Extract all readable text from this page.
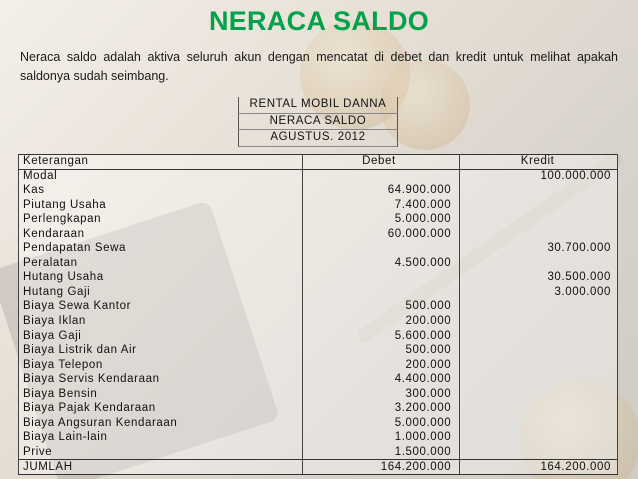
NERACA SALDO

Neraca saldo adalah aktiva seluruh akun dengan mencatat di debet dan kredit untuk melihat apakah saldonya sudah seimbang.

RENTAL MOBIL DANNA
NERACA SALDO
AGUSTUS. 2012
Keterangan	Debet	Kredit
Modal		100.000.000
Kas	64.900.000	
Piutang Usaha	7.400.000	
Perlengkapan	5.000.000	
Kendaraan	60.000.000	
Pendapatan Sewa		30.700.000
Peralatan	4.500.000	
Hutang Usaha		30.500.000
Hutang Gaji		3.000.000
Biaya Sewa Kantor	500.000	
Biaya Iklan	200.000	
Biaya Gaji	5.600.000	
Biaya Listrik dan Air	500.000	
Biaya Telepon	200.000	
Biaya Servis Kendaraan	4.400.000	
Biaya Bensin	300.000	
Biaya Pajak Kendaraan	3.200.000	
Biaya Angsuran Kendaraan	5.000.000	
Biaya Lain-lain	1.000.000	
Prive	1.500.000	
JUMLAH	164.200.000	164.200.000
